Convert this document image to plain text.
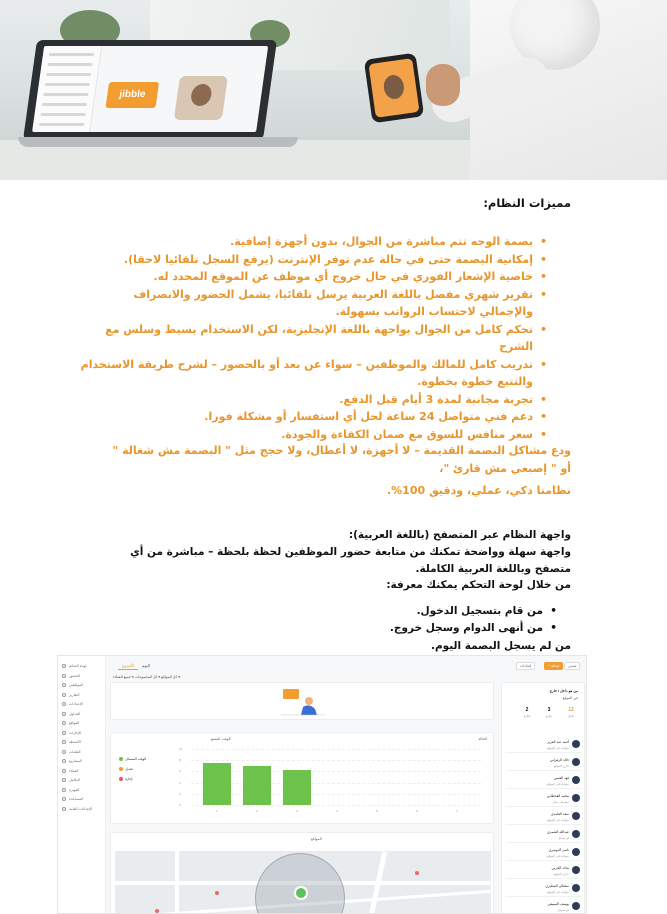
jibble
مميزات النظام:
• بصمة الوجه تتم مباشرة من الجوال، بدون أجهزة إضافية.
• إمكانية البصمة حتى في حالة عدم توفر الإنترنت (يرفع السجل تلقائيا لاحقا).
• خاصية الإشعار الفوري في حال خروج أي موظف عن الموقع المحدد له.
• تقرير شهري مفصل باللغة العربية يرسل تلقائيا، يشمل الحضور والانصراف والإجمالي لاحتساب الرواتب بسهولة.
• تحكم كامل من الجوال بواجهة باللغة الإنجليزية، لكن الاستخدام بسيط وسلس مع الشرح
• تدريب كامل للمالك والموظفين – سواء عن بعد أو بالحضور – لشرح طريقة الاستخدام والتتبع خطوة بخطوة.
• تجربة مجانية لمدة 3 أيام قبل الدفع.
• دعم فني متواصل 24 ساعة لحل أي استفسار أو مشكلة فورا.
• سعر منافس للسوق مع ضمان الكفاءة والجودة.
ودع مشاكل البصمة القديمة – لا أجهزة، لا أعطال، ولا حجج مثل " البصمة مش شغالة " أو " إصبعي مش قارئ "،
نظامنا ذكي، عملي، ودقيق 100%.
واجهة النظام عبر المتصفح (باللغة العربية):
واجهة سهلة وواضحة تمكنك من متابعة حضور الموظفين لحظة بلحظة – مباشرة من أي متصفح وباللغة العربية الكاملة.
من خلال لوحة التحكم يمكنك معرفة:
• من قام بتسجيل الدخول.
• من أنهى الدوام وسجل خروج.
من لم يسجل البصمة اليوم.
لوحة التحكم
الحضور
الموظفين
التقارير
الإعدادات
الجداول
المواقع
الإجازات
الأنشطة
الطلبات
المشاريع
العملاء
التكامل
الفوترة
المساعدة
الإعدادات العامة
اليوم
الأسبوع	+ إضافة
إعدادات	تصدير
كل المواقع ▾ كل المجموعات ▾ جميع العملاء ▾
الحالة
الوقت المتتبع
الوقت المسجل
تعديل
إجازة
0
2
4
6
8
10
1	2	3	4	5	6	7
المواقع
من هو داخل / خارج
في الموقع
12
داخل
3
خارج
2
إجازة
أحمد عبد العزيز
متواجد في الموقع
خالد الزهراني
خارج الموقع
فهد العتيبي
متواجد في الموقع
محمد القحطاني
انصراف مبكر
سعد الغامدي
متواجد في الموقع
عبدالله الشمري
لم يسجل
ناصر الدوسري
متواجد في الموقع
ماجد الحربي
خارج الموقع
سلطان المطيري
متواجد في الموقع
يوسف السبيعي
لم يسجل
